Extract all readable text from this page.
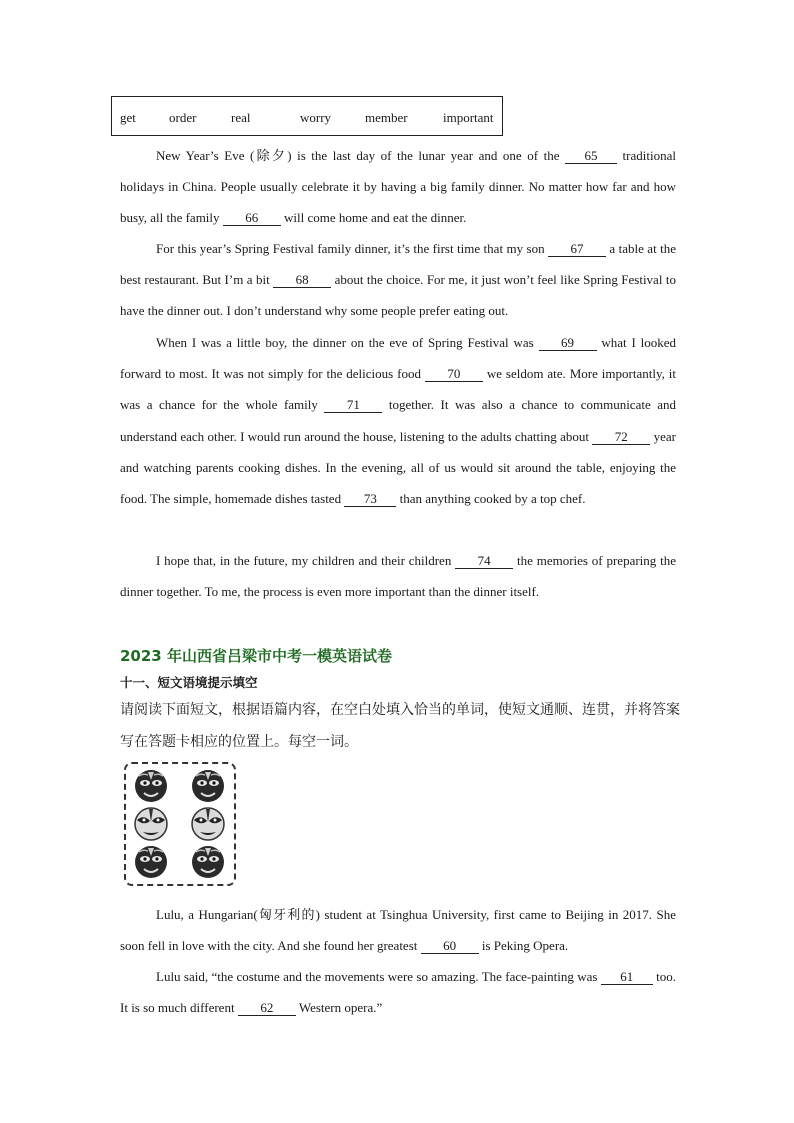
get	order	real	worry	member	important

New Year’s Eve (除夕) is the last day of the lunar year and one of the 65 traditional holidays in China. People usually celebrate it by having a big family dinner. No matter how far and how busy, all the family 66 will come home and eat the dinner.

For this year’s Spring Festival family dinner, it’s the first time that my son 67 a table at the best restaurant. But I’m a bit 68 about the choice. For me, it just won’t feel like Spring Festival to have the dinner out. I don’t understand why some people prefer eating out.

When I was a little boy, the dinner on the eve of Spring Festival was 69 what I looked forward to most. It was not simply for the delicious food 70 we seldom ate. More importantly, it was a chance for the whole family 71 together. It was also a chance to communicate and understand each other. I would run around the house, listening to the adults chatting about 72 year and watching parents cooking dishes. In the evening, all of us would sit around the table, enjoying the food. The simple, homemade dishes tasted 73 than anything cooked by a top chef.

I hope that, in the future, my children and their children 74 the memories of preparing the dinner together. To me, the process is even more important than the dinner itself.

2023 年山西省吕梁市中考一模英语试卷
十一、短文语境提示填空

请阅读下面短文，根据语篇内容，在空白处填入恰当的单词，使短文通顺、连贯，并将答案写在答题卡相应的位置上。每空一词。

Lulu, a Hungarian(匈牙利的) student at Tsinghua University, first came to Beijing in 2017. She soon fell in love with the city. And she found her greatest 60 is Peking Opera.

Lulu said, “the costume and the movements were so amazing. The face-painting was 61 too. It is so much different 62 Western opera.”
